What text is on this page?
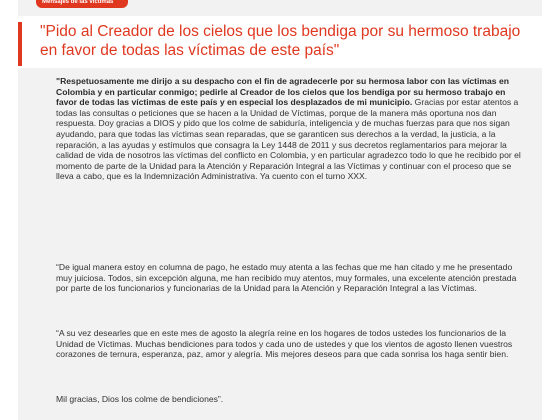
Mensajes de las víctimas
"Pido al Creador de los cielos que los bendiga por su hermoso trabajo en favor de todas las víctimas de este país"

"Respetuosamente me dirijo a su despacho con el fin de agradecerle por su hermosa labor con las víctimas en Colombia y en particular conmigo; pedirle al Creador de los cielos que los bendiga por su hermoso trabajo en favor de todas las víctimas de este país y en especial los desplazados de mi municipio. Gracias por estar atentos a todas las consultas o peticiones que se hacen a la Unidad de Víctimas, porque de la manera más oportuna nos dan respuesta. Doy gracias a DIOS y pido que los colme de sabiduría, inteligencia y de muchas fuerzas para que nos sigan ayudando, para que todas las víctimas sean reparadas, que se garanticen sus derechos a la verdad, la justicia, a la reparación, a las ayudas y estímulos que consagra la Ley 1448 de 2011 y sus decretos reglamentarios para mejorar la calidad de vida de nosotros las víctimas del conflicto en Colombia, y en particular agradezco todo lo que he recibido por el momento de parte de la Unidad para la Atención y Reparación Integral a las Víctimas y continuar con el proceso que se lleva a cabo, que es la Indemnización Administrativa. Ya cuento con el turno XXX.

“De igual manera estoy en columna de pago, he estado muy atenta a las fechas que me han citado y me he presentado muy juiciosa. Todos, sin excepción alguna, me han recibido muy atentos, muy formales, una excelente atención prestada por parte de los funcionarios y funcionarias de la Unidad para la Atención y Reparación Integral a las Víctimas.

“A su vez desearles que en este mes de agosto la alegría reine en los hogares de todos ustedes los funcionarios de la Unidad de Víctimas. Muchas bendiciones para todos y cada uno de ustedes y que los vientos de agosto llenen vuestros corazones de ternura, esperanza, paz, amor y alegría. Mis mejores deseos para que cada sonrisa los haga sentir bien.

Mil gracias, Dios los colme de bendiciones”.
